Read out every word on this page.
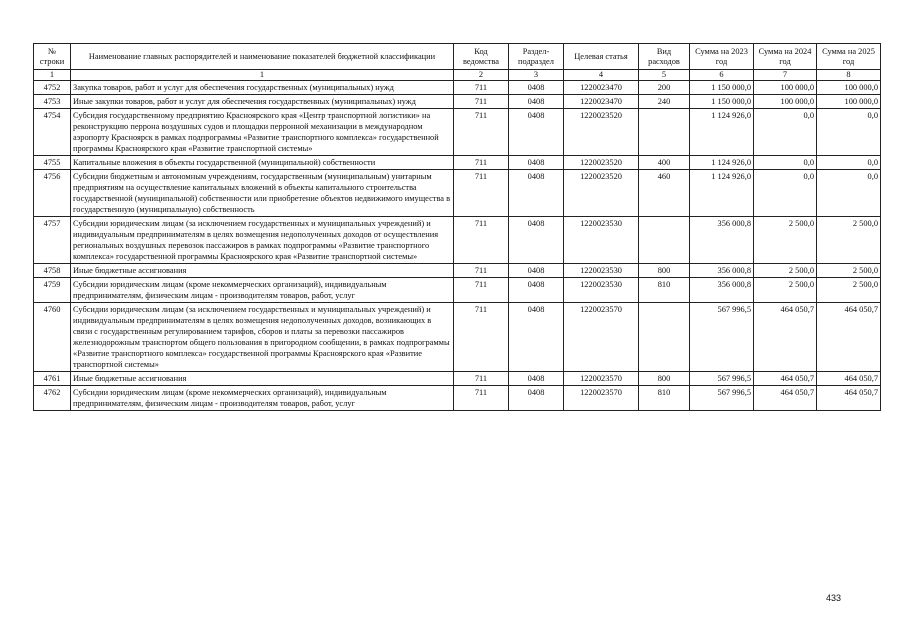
№ строки	Наименование главных распорядителей и наименование показателей бюджетной классификации	Код ведомства	Раздел-подраздел	Целевая статья	Вид расходов	Сумма на 2023 год	Сумма на 2024 год	Сумма на 2025 год
1	1	2	3	4	5	6	7	8
4752	Закупка товаров, работ и услуг для обеспечения государственных (муниципальных) нужд	711	0408	1220023470	200	1 150 000,0	100 000,0	100 000,0
4753	Иные закупки товаров, работ и услуг для обеспечения государственных (муниципальных) нужд	711	0408	1220023470	240	1 150 000,0	100 000,0	100 000,0
4754	Субсидия государственному предприятию Красноярского края «Центр транспортной логистики» на реконструкцию перрона воздушных судов и площадки перронной механизации в международном аэропорту Красноярск в рамках подпрограммы «Развитие транспортного комплекса» государственной программы Красноярского края «Развитие транспортной системы»	711	0408	1220023520		1 124 926,0	0,0	0,0
4755	Капитальные вложения в объекты государственной (муниципальной) собственности	711	0408	1220023520	400	1 124 926,0	0,0	0,0
4756	Субсидии бюджетным и автономным учреждениям, государственным (муниципальным) унитарным предприятиям на осуществление капитальных вложений в объекты капитального строительства государственной (муниципальной) собственности или приобретение объектов недвижимого имущества в государственную (муниципальную) собственность	711	0408	1220023520	460	1 124 926,0	0,0	0,0
4757	Субсидии юридическим лицам (за исключением государственных и муниципальных учреждений) и индивидуальным предпринимателям в целях возмещения недополученных доходов от осуществления региональных воздушных перевозок пассажиров в рамках подпрограммы «Развитие транспортного комплекса» государственной программы Красноярского края «Развитие транспортной системы»	711	0408	1220023530		356 000,8	2 500,0	2 500,0
4758	Иные бюджетные ассигнования	711	0408	1220023530	800	356 000,8	2 500,0	2 500,0
4759	Субсидии юридическим лицам (кроме некоммерческих организаций), индивидуальным предпринимателям, физическим лицам - производителям товаров, работ, услуг	711	0408	1220023530	810	356 000,8	2 500,0	2 500,0
4760	Субсидии юридическим лицам (за исключением государственных и муниципальных учреждений) и индивидуальным предпринимателям в целях возмещения недополученных доходов, возникающих в связи с государственным регулированием тарифов, сборов и платы за перевозки пассажиров железнодорожным транспортом общего пользования в пригородном сообщении, в рамках подпрограммы «Развитие транспортного комплекса» государственной программы Красноярского края «Развитие транспортной системы»	711	0408	1220023570		567 996,5	464 050,7	464 050,7
4761	Иные бюджетные ассигнования	711	0408	1220023570	800	567 996,5	464 050,7	464 050,7
4762	Субсидии юридическим лицам (кроме некоммерческих организаций), индивидуальным предпринимателям, физическим лицам - производителям товаров, работ, услуг	711	0408	1220023570	810	567 996,5	464 050,7	464 050,7
433
